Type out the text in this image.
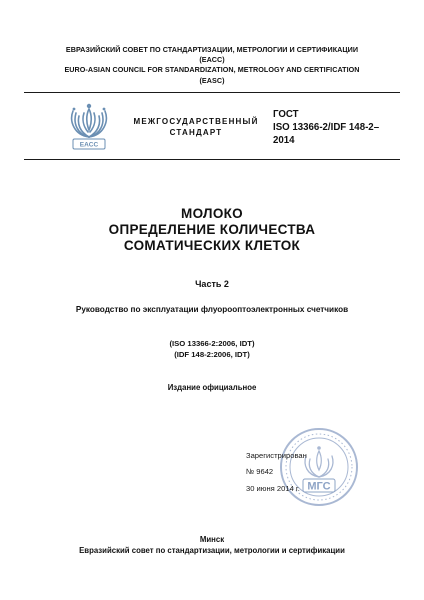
ЕВРАЗИЙСКИЙ СОВЕТ ПО СТАНДАРТИЗАЦИИ, МЕТРОЛОГИИ И СЕРТИФИКАЦИИ
(ЕАСС)
EURO-ASIAN COUNCIL FOR STANDARDIZATION, METROLOGY AND CERTIFICATION
(EASC)
EACC
МЕЖГОСУДАРСТВЕННЫЙ
СТАНДАРТ
ГОСТ
ISO 13366-2/IDF 148-2–
2014
МОЛОКО
ОПРЕДЕЛЕНИЕ КОЛИЧЕСТВА
СОМАТИЧЕСКИХ КЛЕТОК
Часть 2
Руководство по эксплуатации флуорооптоэлектронных счетчиков
(ISO 13366-2:2006, IDT)
(IDF 148-2:2006, IDT)
Издание официальное
МГС
Зарегистрирован
№ 9642
30 июня 2014 г.
Минск
Евразийский совет по стандартизации, метрологии и сертификации
